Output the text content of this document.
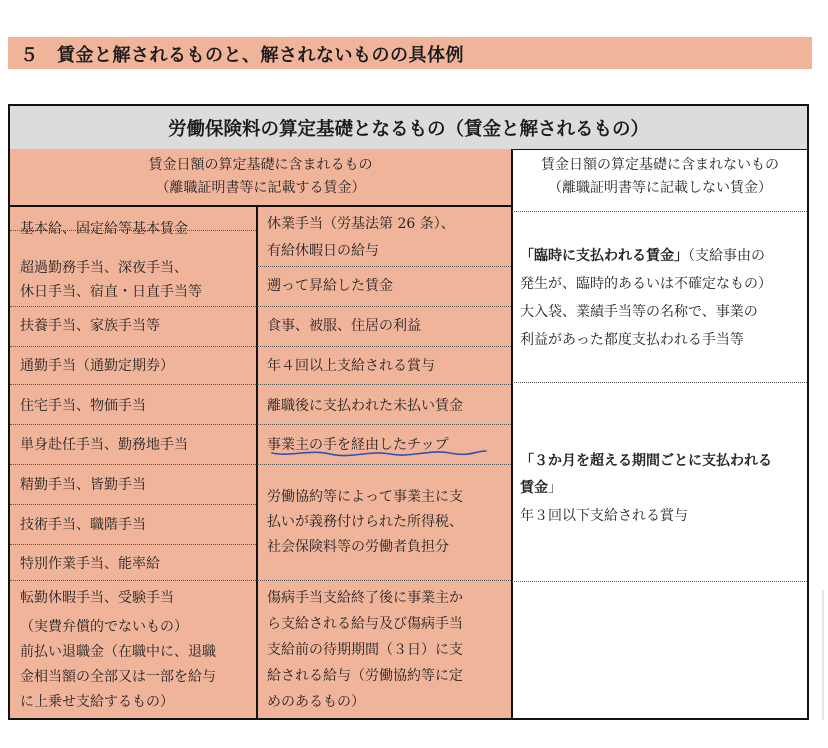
５　賃金と解されるものと、解されないものの具体例
労働保険料の算定基礎となるもの（賃金と解されるもの）
賃金日額の算定基礎に含まれるもの
（離職証明書等に記載する賃金）
賃金日額の算定基礎に含まれないもの
（離職証明書等に記載しない賃金）
基本給、固定給等基本賃金
超過勤務手当、深夜手当、
休日手当、宿直・日直手当等
扶養手当、家族手当等
通勤手当（通勤定期券）
住宅手当、物価手当
単身赴任手当、勤務地手当
精勤手当、皆勤手当
技術手当、職階手当
特別作業手当、能率給
転勤休暇手当、受験手当
（実費弁償的でないもの）
前払い退職金（在職中に、退職
金相当額の全部又は一部を給与
に上乗せ支給するもの）
休業手当（労基法第 26 条）、
有給休暇日の給与
遡って昇給した賃金
食事、被服、住居の利益
年４回以上支給される賞与
離職後に支払われた未払い賃金
事業主の手を経由したチップ
労働協約等によって事業主に支
払いが義務付けられた所得税、
社会保険料等の労働者負担分
傷病手当支給終了後に事業主か
ら支給される給与及び傷病手当
支給前の待期期間（３日）に支
給される給与（労働協約等に定
めのあるもの）
「臨時に支払われる賃金」（支給事由の
発生が、臨時的あるいは不確定なもの）
大入袋、業績手当等の名称で、事業の
利益があった都度支払われる手当等
「３か月を超える期間ごとに支払われる
賃金」
年３回以下支給される賞与
